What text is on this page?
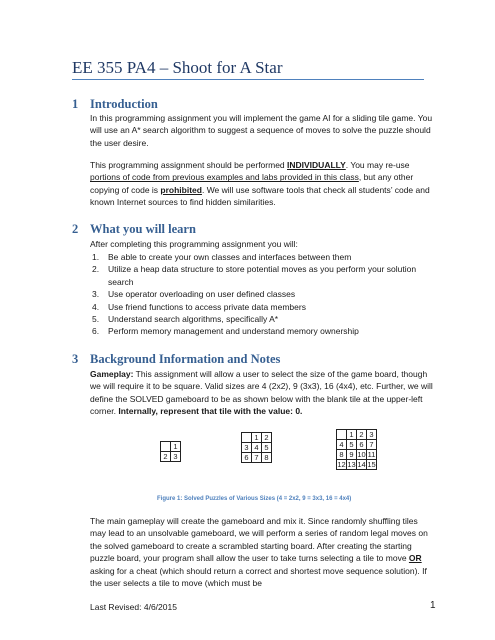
EE 355 PA4 – Shoot for A Star
1 Introduction
In this programming assignment you will implement the game AI for a sliding tile game. You will use an A* search algorithm to suggest a sequence of moves to solve the puzzle should the user desire.
This programming assignment should be performed INDIVIDUALLY. You may re-use portions of code from previous examples and labs provided in this class, but any other copying of code is prohibited. We will use software tools that check all students’ code and known Internet sources to find hidden similarities.
2 What you will learn
After completing this programming assignment you will:
1.	Be able to create your own classes and interfaces between them
2.	Utilize a heap data structure to store potential moves as you perform your solution search
3.	Use operator overloading on user defined classes
4.	Use friend functions to access private data members
5.	Understand search algorithms, specifically A*
6.	Perform memory management and understand memory ownership
3 Background Information and Notes
Gameplay: This assignment will allow a user to select the size of the game board, though we will require it to be square. Valid sizes are 4 (2x2), 9 (3x3), 16 (4x4), etc. Further, we will define the SOLVED gameboard to be as shown below with the blank tile at the upper-left corner. Internally, represent that tile with the value: 0.
	1
2	3
	1	2
3	4	5
6	7	8
	1	2	3
4	5	6	7
8	9	10	11
12	13	14	15
Figure 1: Solved Puzzles of Various Sizes (4 = 2x2, 9 = 3x3, 16 = 4x4)
The main gameplay will create the gameboard and mix it. Since randomly shuffling tiles may lead to an unsolvable gameboard, we will perform a series of random legal moves on the solved gameboard to create a scrambled starting board. After creating the starting puzzle board, your program shall allow the user to take turns selecting a tile to move OR asking for a cheat (which should return a correct and shortest move sequence solution). If the user selects a tile to move (which must be
Last Revised: 4/6/2015	1
